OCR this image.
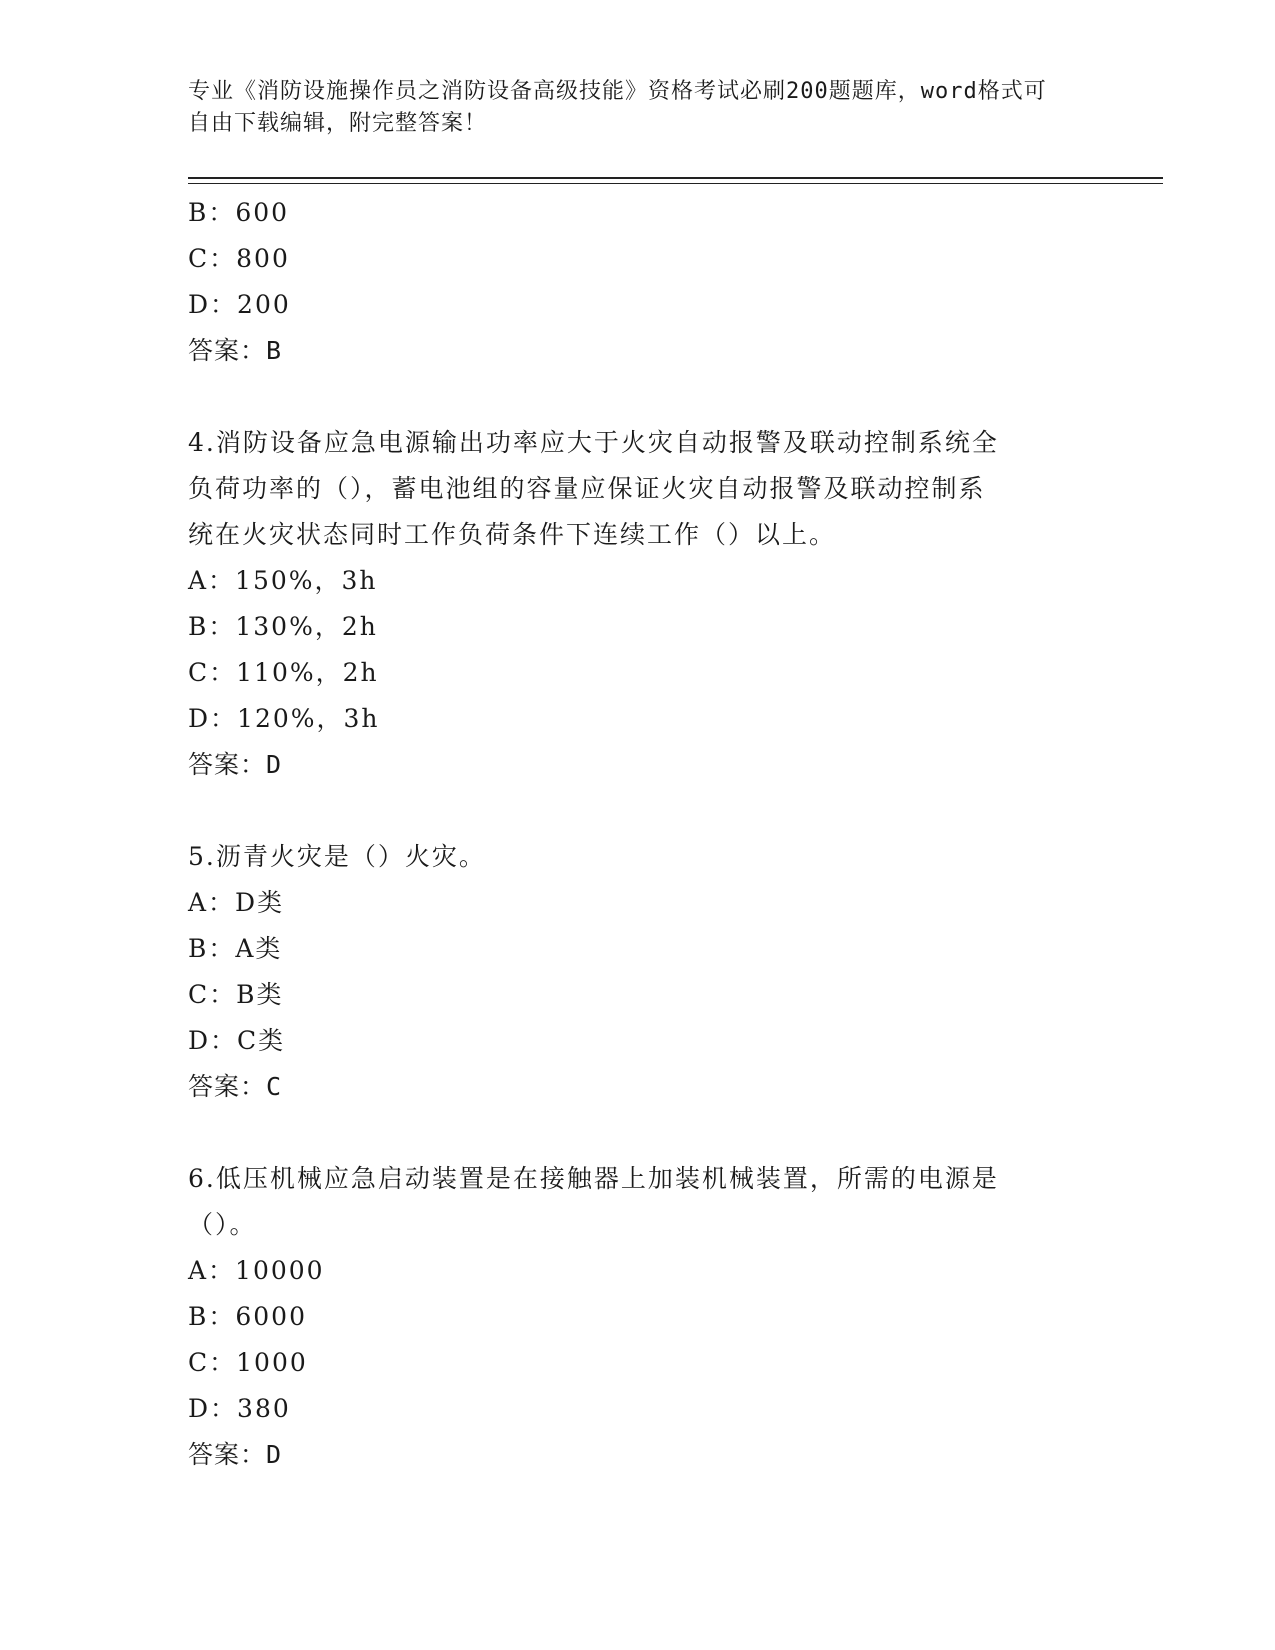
专业《消防设施操作员之消防设备高级技能》资格考试必刷200题题库，word格式可自由下载编辑，附完整答案！
B：600
C：800
D：200
答案：B
4.消防设备应急电源输出功率应大于火灾自动报警及联动控制系统全
负荷功率的（），蓄电池组的容量应保证火灾自动报警及联动控制系
统在火灾状态同时工作负荷条件下连续工作（）以上。
A：150%，3h
B：130%，2h
C：110%，2h
D：120%，3h
答案：D
5.沥青火灾是（）火灾。
A：D类
B：A类
C：B类
D：C类
答案：C
6.低压机械应急启动装置是在接触器上加装机械装置，所需的电源是
（）。
A：10000
B：6000
C：1000
D：380
答案：D
